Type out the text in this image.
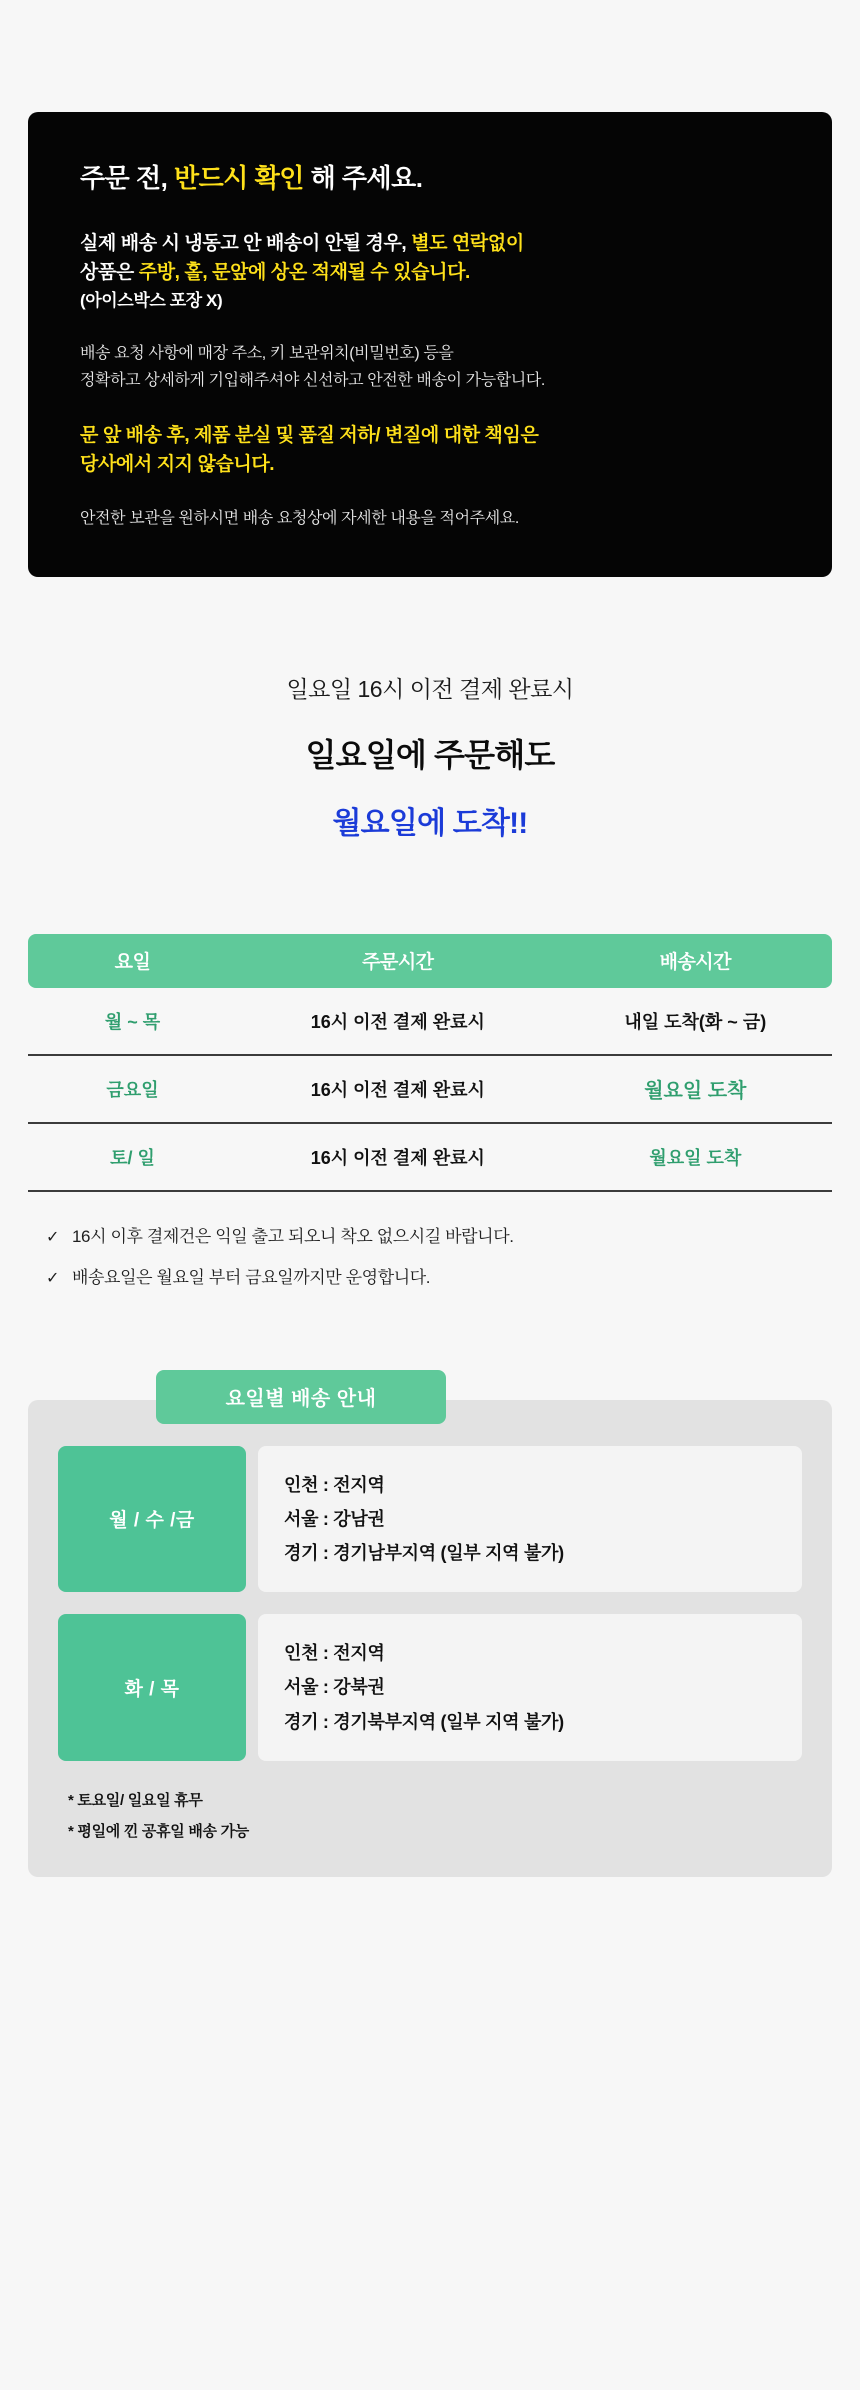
주문 전, 반드시 확인 해 주세요.
실제 배송 시 냉동고 안 배송이 안될 경우, 별도 연락없이
상품은 주방, 홀, 문앞에 상온 적재될 수 있습니다.
(아이스박스 포장 X)
배송 요청 사항에 매장 주소, 키 보관위치(비밀번호) 등을
정확하고 상세하게 기입해주셔야 신선하고 안전한 배송이 가능합니다.
문 앞 배송 후, 제품 분실 및 품질 저하/ 변질에 대한 책임은
당사에서 지지 않습니다.
안전한 보관을 원하시면 배송 요청상에 자세한 내용을 적어주세요.
일요일 16시 이전 결제 완료시
일요일에 주문해도
월요일에 도착!!
요일	주문시간	배송시간
월 ~ 목	16시 이전 결제 완료시	내일 도착(화 ~ 금)
금요일	16시 이전 결제 완료시	월요일 도착
토/ 일	16시 이전 결제 완료시	월요일 도착
✓ 16시 이후 결제건은 익일 출고 되오니 착오 없으시길 바랍니다.
✓ 배송요일은 월요일 부터 금요일까지만 운영합니다.
요일별 배송 안내
월 / 수 /금
인천 : 전지역
서울 : 강남권
경기 : 경기남부지역 (일부 지역 불가)
화 / 목
인천 : 전지역
서울 : 강북권
경기 : 경기북부지역 (일부 지역 불가)
* 토요일/ 일요일 휴무
* 평일에 낀 공휴일 배송 가능
